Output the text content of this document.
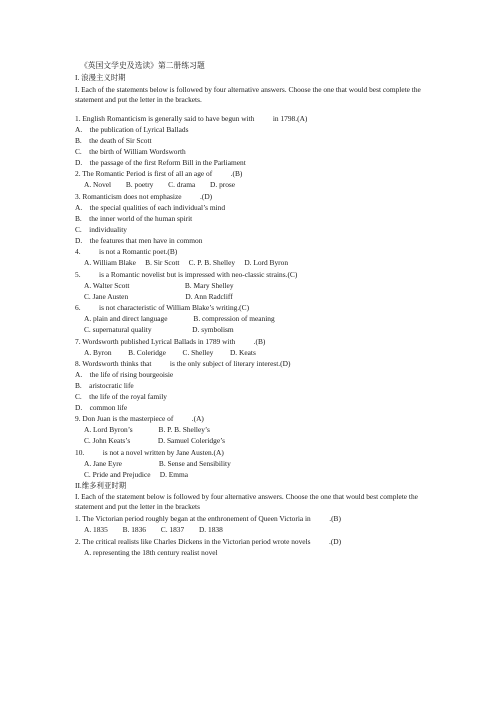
《英国文学史及选读》第二册练习题
I. 浪漫主义时期
I. Each of the statements below is followed by four alternative answers. Choose the one that would best complete the statement and put the letter in the brackets.
1. English Romanticism is generally said to have begun with          in 1798.(A)
A.    the publication of Lyrical Ballads
B.    the death of Sir Scott
C.    the birth of William Wordsworth
D.    the passage of the first Reform Bill in the Parliament
2. The Romantic Period is first of all an age of          .(B)
A. Novel        B. poetry        C. drama        D. prose
3. Romanticism does not emphasize          .(D)
A.    the special qualities of each individual’s mind
B.    the inner world of the human spirit
C.    individuality
D.    the features that men have in common
4.          is not a Romantic poet.(B)
A. William Blake     B. Sir Scott     C. P. B. Shelley     D. Lord Byron
5.          is a Romantic novelist but is impressed with neo-classic strains.(C)
A. Walter Scott                              B. Mary Shelley
C. Jane Austen                               D. Ann Radcliff
6.          is not characteristic of William Blake’s writing.(C)
A. plain and direct language              B. compression of meaning
C. supernatural quality                      D. symbolism
7. Wordsworth published Lyrical Ballads in 1789 with          .(B)
A. Byron         B. Coleridge         C. Shelley         D. Keats
8. Wordsworth thinks that          is the only subject of literary interest.(D)
A.    the life of rising bourgeoisie
B.    aristocratic life
C.    the life of the royal family
D.    common life
9. Don Juan is the masterpiece of          .(A)
A. Lord Byron’s              B. P. B. Shelley’s
C. John Keats’s               D. Samuel Coleridge’s
10.          is not a novel written by Jane Austen.(A)
A. Jane Eyre                    B. Sense and Sensibility
C. Pride and Prejudice     D. Emma
II.维多利亚时期
I. Each of the statement below is followed by four alternative answers. Choose the one that would best complete the statement and put the letter in the brackets
1. The Victorian period roughly began at the enthronement of Queen Victoria in          .(B)
A. 1835        B. 1836        C. 1837        D. 1838
2. The critical realists like Charles Dickens in the Victorian period wrote novels          .(D)
A. representing the 18th century realist novel
